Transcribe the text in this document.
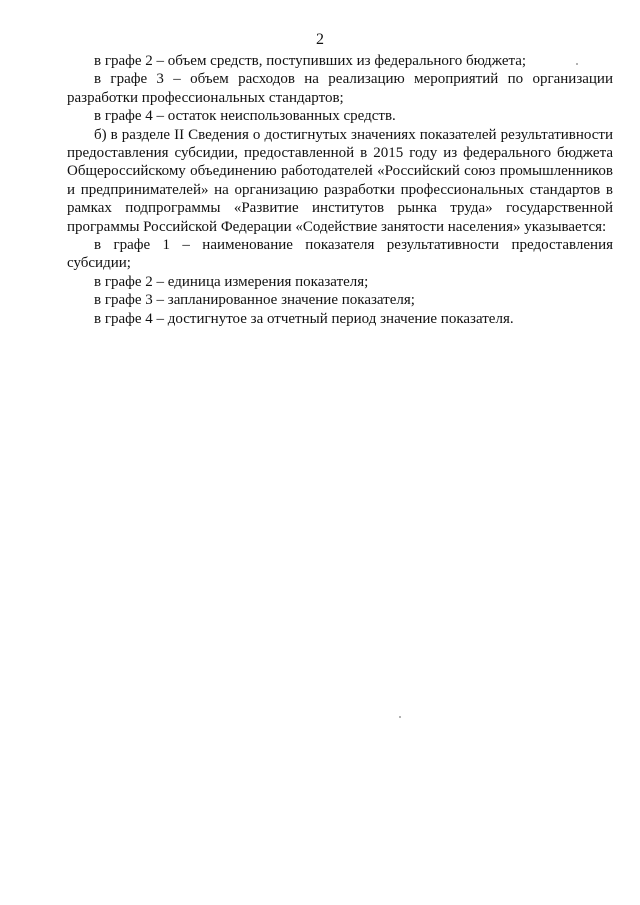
2

в графе 2 – объем средств, поступивших из федерального бюджета;

в графе 3 – объем расходов на реализацию мероприятий по организации разработки профессиональных стандартов;

в графе 4 – остаток неиспользованных средств.

б) в разделе II Сведения о достигнутых значениях показателей результативности предоставления субсидии, предоставленной в 2015 году из федерального бюджета Общероссийскому объединению работодателей «Российский союз промышленников и предпринимателей» на организацию разработки профессиональных стандартов в рамках подпрограммы «Развитие институтов рынка труда» государственной программы Российской Федерации «Содействие занятости населения» указывается:

в графе 1 – наименование показателя результативности предоставления субсидии;

в графе 2 – единица измерения показателя;

в графе 3 – запланированное значение показателя;

в графе 4 – достигнутое за отчетный период значение показателя.
